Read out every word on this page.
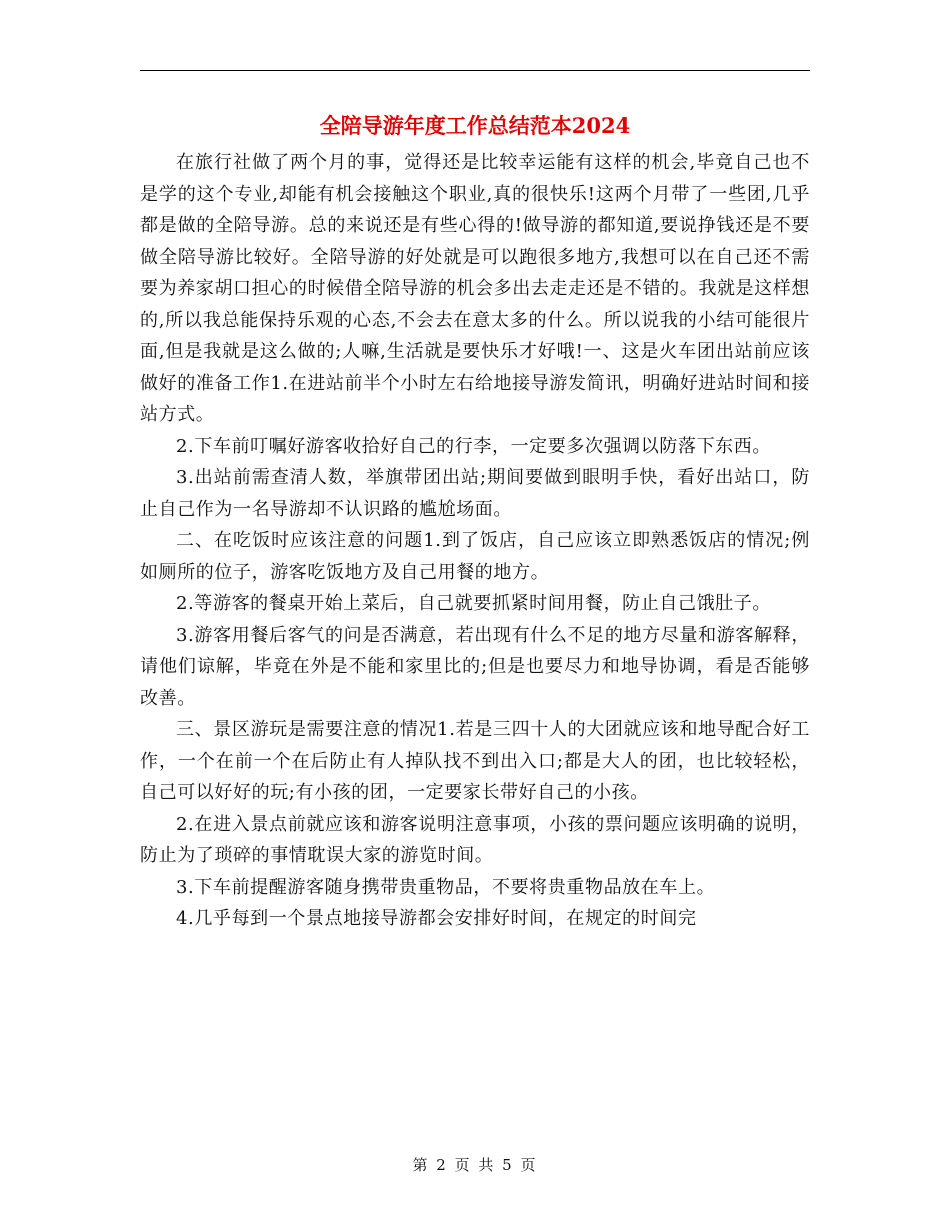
全陪导游年度工作总结范本2024

在旅行社做了两个月的事，觉得还是比较幸运能有这样的机会,毕竟自己也不是学的这个专业,却能有机会接触这个职业,真的很快乐!这两个月带了一些团,几乎都是做的全陪导游。总的来说还是有些心得的!做导游的都知道,要说挣钱还是不要做全陪导游比较好。全陪导游的好处就是可以跑很多地方,我想可以在自己还不需要为养家胡口担心的时候借全陪导游的机会多出去走走还是不错的。我就是这样想的,所以我总能保持乐观的心态,不会去在意太多的什么。所以说我的小结可能很片面,但是我就是这么做的;人嘛,生活就是要快乐才好哦!一、这是火车团出站前应该做好的准备工作1.在进站前半个小时左右给地接导游发简讯，明确好进站时间和接站方式。

2.下车前叮嘱好游客收拾好自己的行李，一定要多次强调以防落下东西。

3.出站前需查清人数，举旗带团出站;期间要做到眼明手快，看好出站口，防止自己作为一名导游却不认识路的尴尬场面。

二、在吃饭时应该注意的问题1.到了饭店，自己应该立即熟悉饭店的情况;例如厕所的位子，游客吃饭地方及自己用餐的地方。

2.等游客的餐桌开始上菜后，自己就要抓紧时间用餐，防止自己饿肚子。

3.游客用餐后客气的问是否满意，若出现有什么不足的地方尽量和游客解释，请他们谅解，毕竟在外是不能和家里比的;但是也要尽力和地导协调，看是否能够改善。

三、景区游玩是需要注意的情况1.若是三四十人的大团就应该和地导配合好工作，一个在前一个在后防止有人掉队找不到出入口;都是大人的团，也比较轻松，自己可以好好的玩;有小孩的团，一定要家长带好自己的小孩。

2.在进入景点前就应该和游客说明注意事项，小孩的票问题应该明确的说明，防止为了琐碎的事情耽误大家的游览时间。

3.下车前提醒游客随身携带贵重物品，不要将贵重物品放在车上。

4.几乎每到一个景点地接导游都会安排好时间，在规定的时间完

第 2 页 共 5 页
